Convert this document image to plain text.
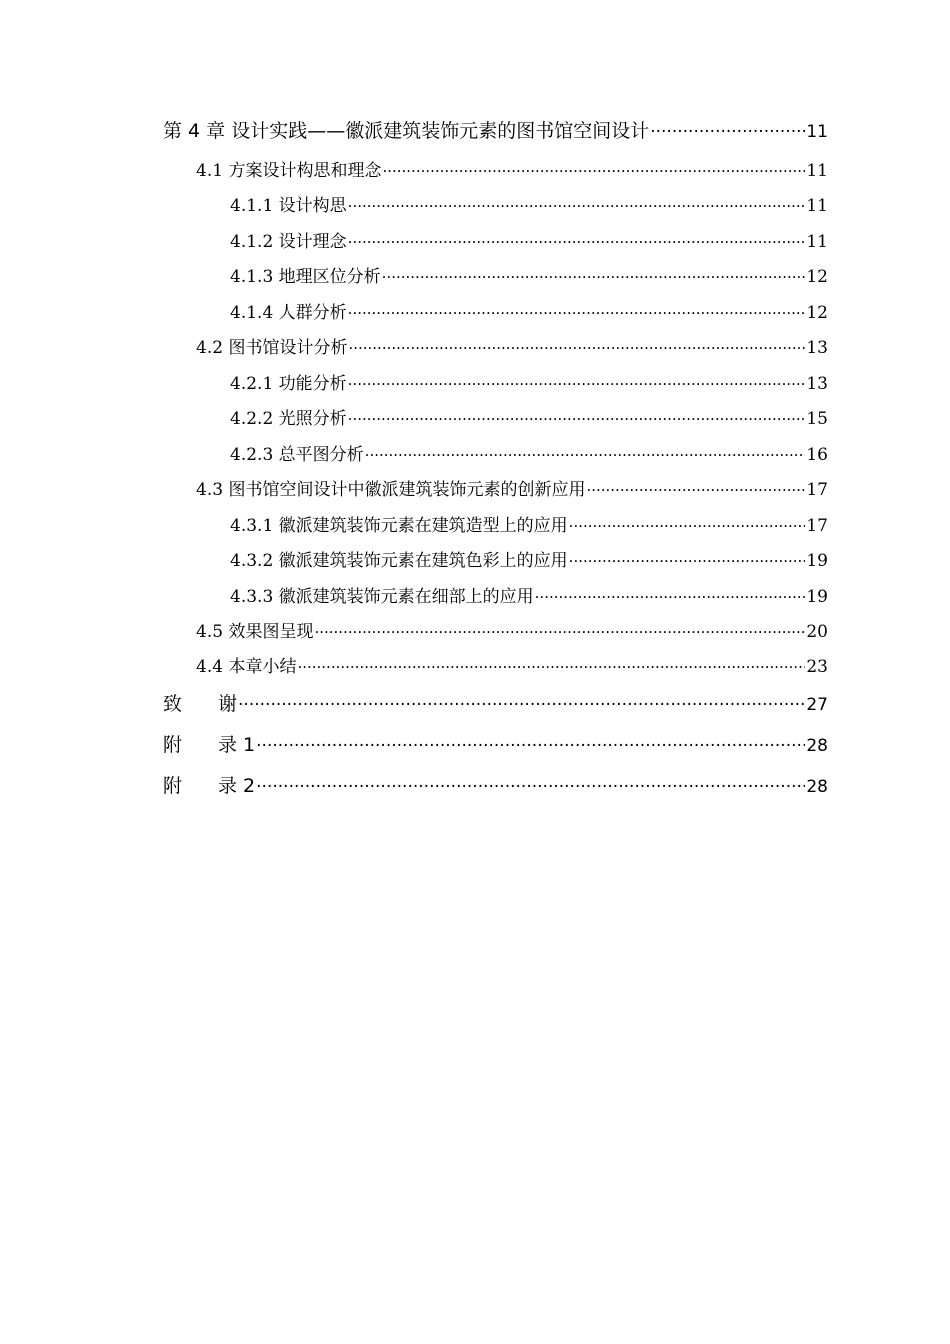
第 4 章 设计实践——徽派建筑装饰元素的图书馆空间设计 ·····	11
4.1 方案设计构思和理念 ·····	11
4.1.1 设计构思 ·····	11
4.1.2 设计理念 ·····	11
4.1.3 地理区位分析 ·····	12
4.1.4 人群分析 ·····	12
4.2 图书馆设计分析 ·····	13
4.2.1 功能分析 ·····	13
4.2.2 光照分析 ·····	15
4.2.3 总平图分析 ·····	16
4.3 图书馆空间设计中徽派建筑装饰元素的创新应用 ·····	17
4.3.1 徽派建筑装饰元素在建筑造型上的应用 ·····	17
4.3.2 徽派建筑装饰元素在建筑色彩上的应用 ·····	19
4.3.3 徽派建筑装饰元素在细部上的应用 ·····	19
4.5 效果图呈现 ·····	20
4.4 本章小结 ·····	23
致	谢 ·····	27
附	录 1 ·····	28
附	录 2 ·····	28
